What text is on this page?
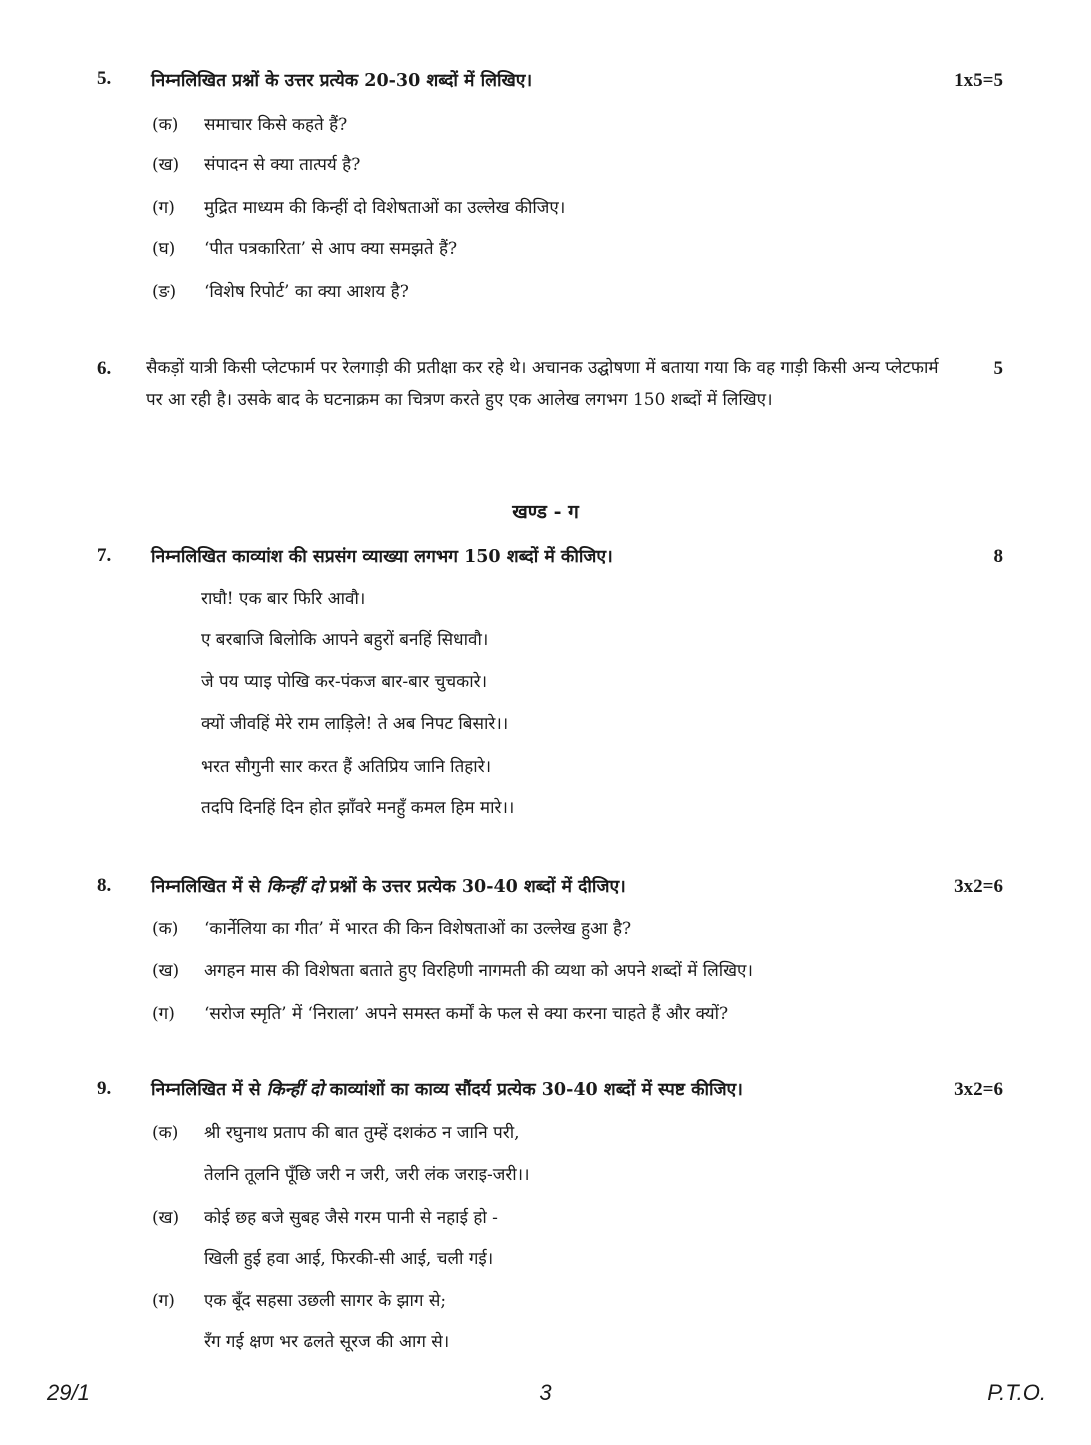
5. निम्नलिखित प्रश्नों के उत्तर प्रत्येक 20-30 शब्दों में लिखिए।	1x5=5
(क) समाचार किसे कहते हैं?
(ख) संपादन से क्या तात्पर्य है?
(ग) मुद्रित माध्यम की किन्हीं दो विशेषताओं का उल्लेख कीजिए।
(घ) ‘पीत पत्रकारिता’ से आप क्या समझते हैं?
(ङ) ‘विशेष रिपोर्ट’ का क्या आशय है?
6. सैकड़ों यात्री किसी प्लेटफार्म पर रेलगाड़ी की प्रतीक्षा कर रहे थे। अचानक उद्घोषणा में बताया गया कि वह गाड़ी किसी अन्य प्लेटफार्म पर आ रही है। उसके बाद के घटनाक्रम का चित्रण करते हुए एक आलेख लगभग 150 शब्दों में लिखिए।
5
खण्ड - ग
7. निम्नलिखित काव्यांश की सप्रसंग व्याख्या लगभग 150 शब्दों में कीजिए।	8
राघौ! एक बार फिरि आवौ।
ए बरबाजि बिलोकि आपने बहुरों बनहिं सिधावौ।
जे पय प्याइ पोखि कर-पंकज बार-बार चुचकारे।
क्यों जीवहिं मेरे राम लाड़िले! ते अब निपट बिसारे।।
भरत सौगुनी सार करत हैं अतिप्रिय जानि तिहारे।
तदपि दिनहिं दिन होत झाँवरे मनहुँ कमल हिम मारे।।
8. निम्नलिखित में से किन्हीं दो प्रश्नों के उत्तर प्रत्येक 30-40 शब्दों में दीजिए।	3x2=6
(क) ‘कार्नेलिया का गीत’ में भारत की किन विशेषताओं का उल्लेख हुआ है?
(ख) अगहन मास की विशेषता बताते हुए विरहिणी नागमती की व्यथा को अपने शब्दों में लिखिए।
(ग) ‘सरोज स्मृति’ में ‘निराला’ अपने समस्त कर्मों के फल से क्या करना चाहते हैं और क्यों?
9. निम्नलिखित में से किन्हीं दो काव्यांशों का काव्य सौंदर्य प्रत्येक 30-40 शब्दों में स्पष्ट कीजिए।	3x2=6
(क) श्री रघुनाथ प्रताप की बात तुम्हें दशकंठ न जानि परी,
तेलनि तूलनि पूँछि जरी न जरी, जरी लंक जराइ-जरी।।
(ख) कोई छह बजे सुबह जैसे गरम पानी से नहाई हो -
खिली हुई हवा आई, फिरकी-सी आई, चली गई।
(ग) एक बूँद सहसा उछली सागर के झाग से;
रँग गई क्षण भर ढलते सूरज की आग से।
29/1	3	P.T.O.
